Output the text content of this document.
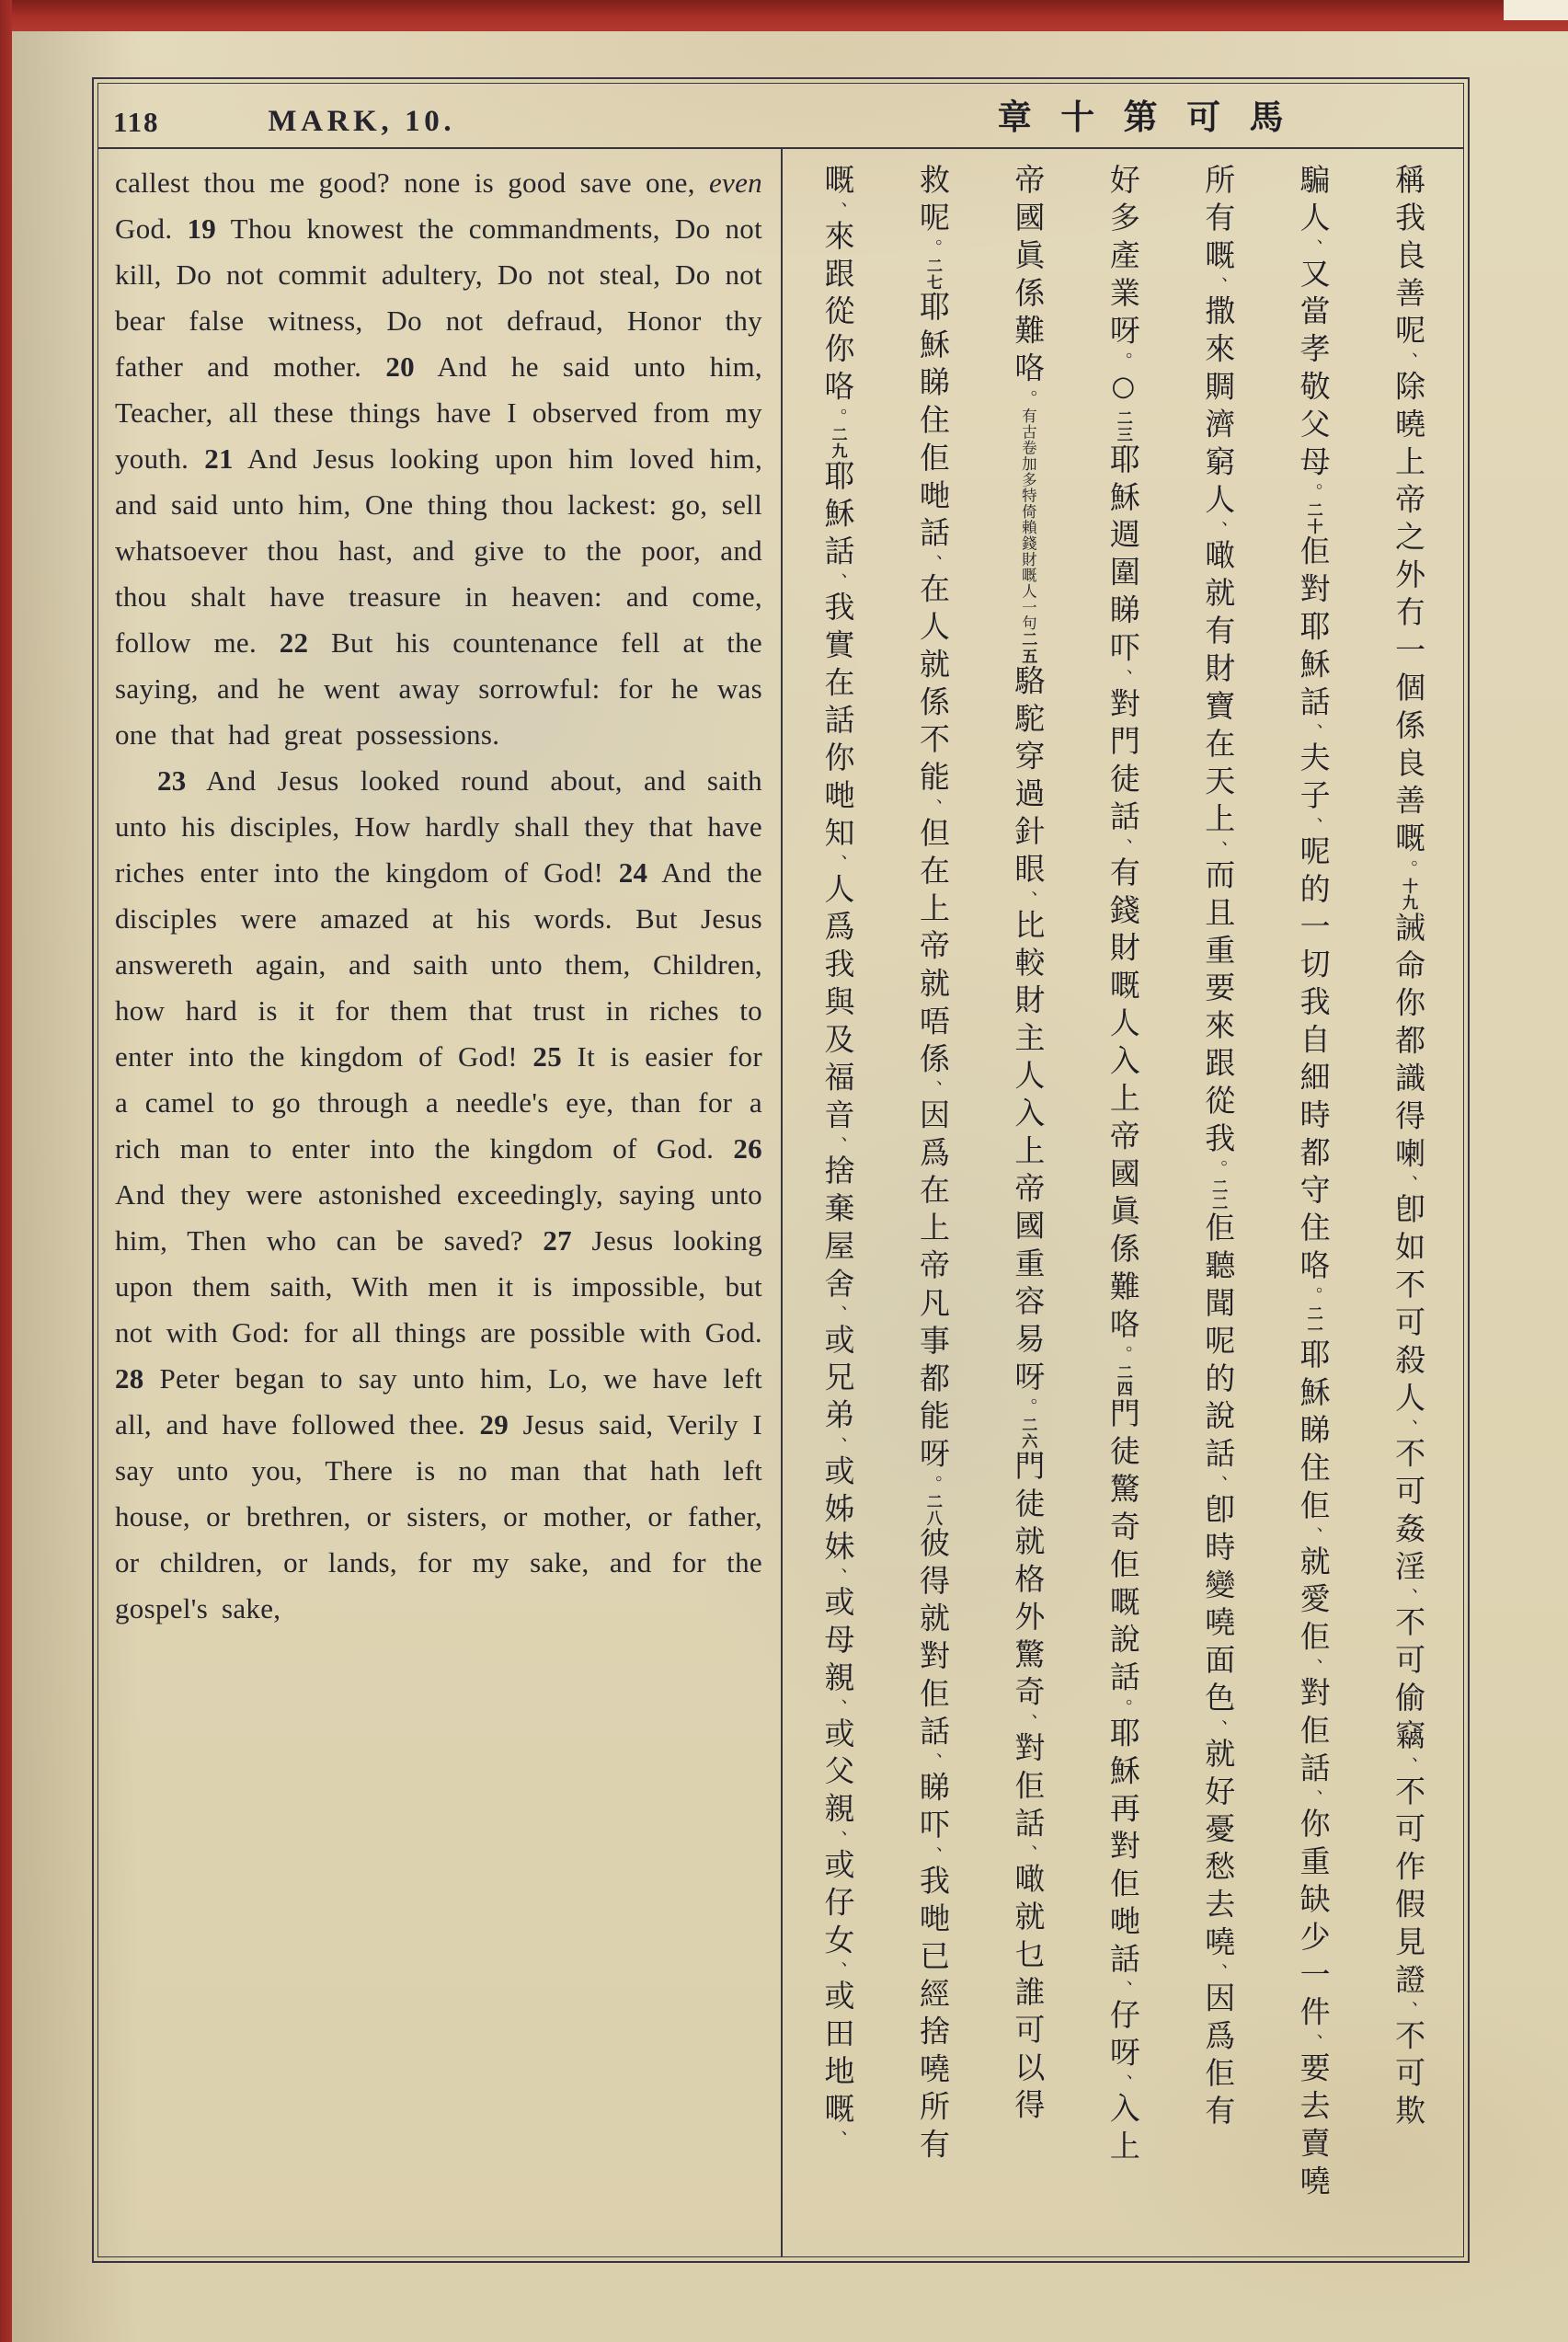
118	MARK, 10.	章十第可馬

callest thou me good? none is good save one, even God. 19 Thou knowest the commandments, Do not kill, Do not commit adultery, Do not steal, Do not bear false witness, Do not defraud, Honor thy father and mother. 20 And he said unto him, Teacher, all these things have I observed from my youth. 21 And Jesus looking upon him loved him, and said unto him, One thing thou lackest: go, sell whatsoever thou hast, and give to the poor, and thou shalt have treasure in heaven: and come, follow me. 22 But his countenance fell at the saying, and he went away sorrowful: for he was one that had great possessions.

23 And Jesus looked round about, and saith unto his disciples, How hardly shall they that have riches enter into the kingdom of God! 24 And the disciples were amazed at his words. But Jesus answereth again, and saith unto them, Children, how hard is it for them that trust in riches to enter into the kingdom of God! 25 It is easier for a camel to go through a needle's eye, than for a rich man to enter into the kingdom of God. 26 And they were astonished exceedingly, saying unto him, Then who can be saved? 27 Jesus looking upon them saith, With men it is impossible, but not with God: for all things are possible with God. 28 Peter began to say unto him, Lo, we have left all, and have followed thee. 29 Jesus said, Verily I say unto you, There is no man that hath left house, or brethren, or sisters, or mother, or father, or children, or lands, for my sake, and for the gospel's sake,

稱我良善呢、除曉上帝之外冇一個係良善嘅。十九誡命你都識得喇、卽如不可殺人、不可姦淫、不可偷竊、不可作假見證、不可欺
騙人、又當孝敬父母。二十佢對耶穌話、夫子、呢的一切我自細時都守住咯。二一耶穌睇住佢、就愛佢、對佢話、你重缺少一件、要去賣嘵
所有嘅、撒來賙濟窮人、噉就有財寶在天上、而且重要來跟從我。二二佢聽聞呢的說話、卽時變嘵面色、就好憂愁去嘵、因爲佢有
好多產業呀。○二三耶穌週圍睇吓、對門徒話、有錢財嘅人入上帝國眞係難咯。二四門徒驚奇佢嘅說話。耶穌再對佢哋話、仔呀、入上
帝國眞係難咯。有古卷加多特倚賴錢財嘅人一句二五駱駝穿過針眼、比較財主人入上帝國重容易呀。二六門徒就格外驚奇、對佢話、噉就乜誰可以得
救呢。二七耶穌睇住佢哋話、在人就係不能、但在上帝就唔係、因爲在上帝凡事都能呀。二八彼得就對佢話、睇吓、我哋已經捨嘵所有
嘅、來跟從你咯。二九耶穌話、我實在話你哋知、人爲我與及福音、捨棄屋舍、或兄弟、或姊妹、或母親、或父親、或仔女、或田地嘅、
